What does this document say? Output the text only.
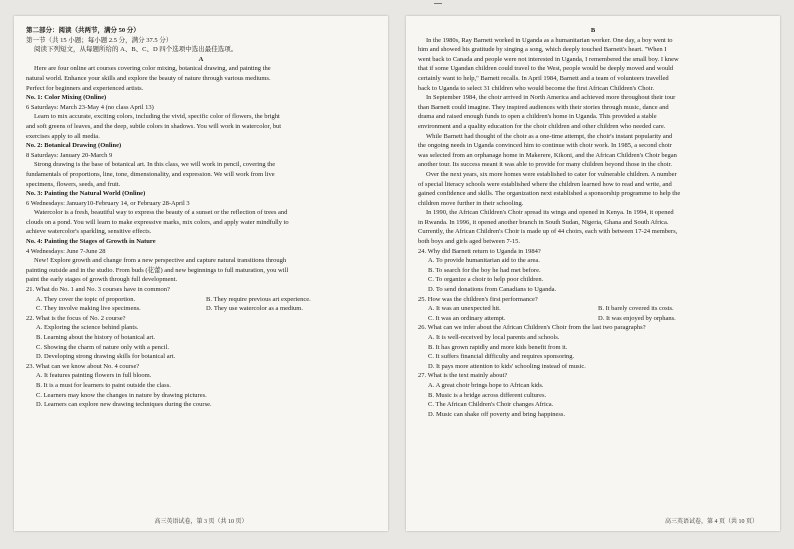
第二部分：阅读（共两节，满分 50 分）
第一节（共 15 小题；每小题 2.5 分，满分 37.5 分）
阅读下列短文，从每题所给的 A、B、C、D 四个选项中选出最佳选项。
A
Here are four online art courses covering color mixing, botanical drawing, and painting the
natural world. Enhance your skills and explore the beauty of nature through various mediums.
Perfect for beginners and experienced artists.
No. 1: Color Mixing (Online)
6 Saturdays: March 23-May 4 (no class April 13)
Learn to mix accurate, exciting colors, including the vivid, specific color of flowers, the bright
and soft greens of leaves, and the deep, subtle colors in shadows. You will work in watercolor, but
exercises apply to all media.
No. 2: Botanical Drawing (Online)
8 Saturdays: January 20-March 9
Strong drawing is the base of botanical art. In this class, we will work in pencil, covering the
fundamentals of proportions, line, tone, dimensionality, and expression. We will work from live
specimens, flowers, seeds, and fruit.
No. 3: Painting the Natural World (Online)
6 Wednesdays: January10-February 14, or February 28-April 3
Watercolor is a fresh, beautiful way to express the beauty of a sunset or the reflection of trees and
clouds on a pond. You will learn to make expressive marks, mix colors, and apply water mindfully to
achieve watercolor's sparkling, sensitive effects.
No. 4: Painting the Stages of Growth in Nature
4 Wednesdays: June 7-June 28
New! Explore growth and change from a new perspective and capture natural transitions through
painting outside and in the studio. From buds (花蕾) and new beginnings to full maturation, you will
paint the early stages of growth through full development.
21. What do No. 1 and No. 3 courses have in common?
A. They cover the topic of proportion.	B. They require previous art experience.
C. They involve making live specimens.	D. They use watercolor as a medium.
22. What is the focus of No. 2 course?
A. Exploring the science behind plants.
B. Learning about the history of botanical art.
C. Showing the charm of nature only with a pencil.
D. Developing strong drawing skills for botanical art.
23. What can we know about No. 4 course?
A. It features painting flowers in full bloom.
B. It is a must for learners to paint outside the class.
C. Learners may know the changes in nature by drawing pictures.
D. Learners can explore new drawing techniques during the course.
高三英语试卷，第 3 页（共 10 页）
B
In the 1980s, Ray Barnett worked in Uganda as a humanitarian worker. One day, a boy went to
him and showed his gratitude by singing a song, which deeply touched Barnett's heart. "When I
went back to Canada and people were not interested in Uganda, I remembered the small boy. I knew
that if some Ugandan children could travel to the West, people would be deeply moved and would
certainly want to help," Barnett recalls. In April 1984, Barnett and a team of volunteers travelled
back to Uganda to select 31 children who would become the first African Children's Choir.
In September 1984, the choir arrived in North America and achieved more throughout their tour
than Barnett could imagine. They inspired audiences with their stories through music, dance and
drama and raised enough funds to open a children's home in Uganda. This provided a stable
environment and a quality education for the choir children and other children who needed care.
While Barnett had thought of the choir as a one-time attempt, the choir's instant popularity and
the ongoing needs in Uganda convinced him to continue with choir work. In 1985, a second choir
was selected from an orphanage home in Makerere, Kikoni, and the African Children's Choir began
another tour. Its success meant it was able to provide for many children beyond those in the choir.
Over the next years, six more homes were established to cater for vulnerable children. A number
of special literacy schools were established where the children learned how to read and write, and
gained confidence and skills. The organization next established a sponsorship programme to help the
children move further in their schooling.
In 1990, the African Children's Choir spread its wings and opened in Kenya. In 1994, it opened
in Rwanda. In 1996, it opened another branch in South Sudan, Nigeria, Ghana and South Africa.
Currently, the African Children's Choir is made up of 44 choirs, each with between 17-24 members,
both boys and girls aged between 7-15.
24. Why did Barnett return to Uganda in 1984?
A. To provide humanitarian aid to the area.
B. To search for the boy he had met before.
C. To organize a choir to help poor children.
D. To send donations from Canadians to Uganda.
25. How was the children's first performance?
A. It was an unexpected hit.	B. It barely covered its costs.
C. It was an ordinary attempt.	D. It was enjoyed by orphans.
26. What can we infer about the African Children's Choir from the last two paragraphs?
A. It is well-received by local parents and schools.
B. It has grown rapidly and more kids benefit from it.
C. It suffers financial difficulty and requires sponsoring.
D. It pays more attention to kids' schooling instead of music.
27. What is the text mainly about?
A. A great choir brings hope to African kids.
B. Music is a bridge across different cultures.
C. The African Children's Choir changes Africa.
D. Music can shake off poverty and bring happiness.
高三英语试卷，第 4 页（共 10 页）
